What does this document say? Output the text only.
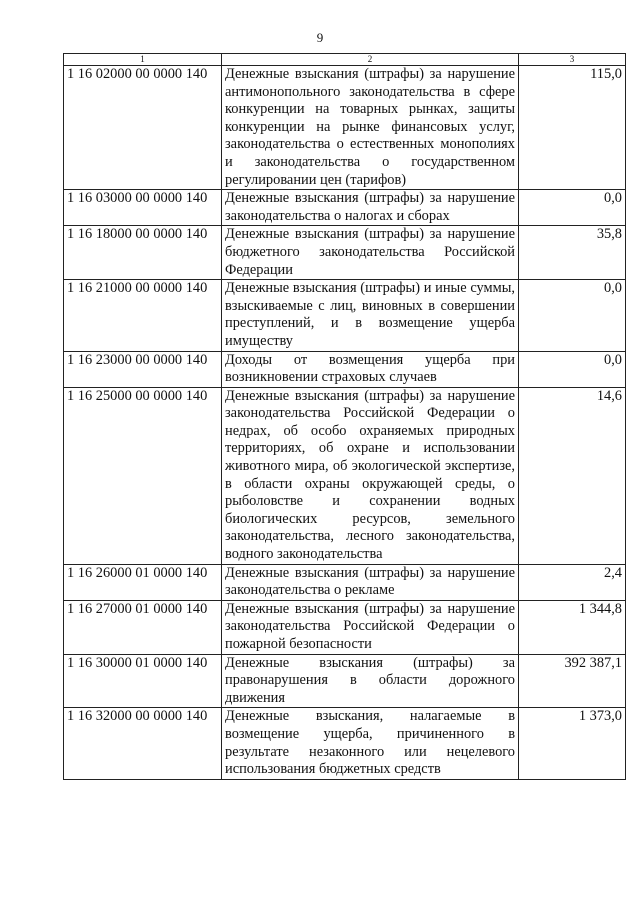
9
1	2	3
1 16 02000 00 0000 140	Денежные взыскания (штрафы) за нарушение антимонопольного законодательства в сфере конкуренции на товарных рынках, защиты конкуренции на рынке финансовых услуг, законодательства о естественных монополиях и законодательства о государственном регулировании цен (тарифов)	115,0
1 16 03000 00 0000 140	Денежные взыскания (штрафы) за нарушение законодательства о налогах и сборах	0,0
1 16 18000 00 0000 140	Денежные взыскания (штрафы) за нарушение бюджетного законодательства Российской Федерации	35,8
1 16 21000 00 0000 140	Денежные взыскания (штрафы) и иные суммы, взыскиваемые с лиц, виновных в совершении преступлений, и в возмещение ущерба имуществу	0,0
1 16 23000 00 0000 140	Доходы от возмещения ущерба при возникновении страховых случаев	0,0
1 16 25000 00 0000 140	Денежные взыскания (штрафы) за нарушение законодательства Российской Федерации о недрах, об особо охраняемых природных территориях, об охране и использовании животного мира, об экологической экспертизе, в области охраны окружающей среды, о рыболовстве и сохранении водных биологических ресурсов, земельного законодательства, лесного законодательства, водного законодательства	14,6
1 16 26000 01 0000 140	Денежные взыскания (штрафы) за нарушение законодательства о рекламе	2,4
1 16 27000 01 0000 140	Денежные взыскания (штрафы) за нарушение законодательства Российской Федерации о пожарной безопасности	1 344,8
1 16 30000 01 0000 140	Денежные взыскания (штрафы) за правонарушения в области дорожного движения	392 387,1
1 16 32000 00 0000 140	Денежные взыскания, налагаемые в возмещение ущерба, причиненного в результате незаконного или нецелевого использования бюджетных средств	1 373,0
